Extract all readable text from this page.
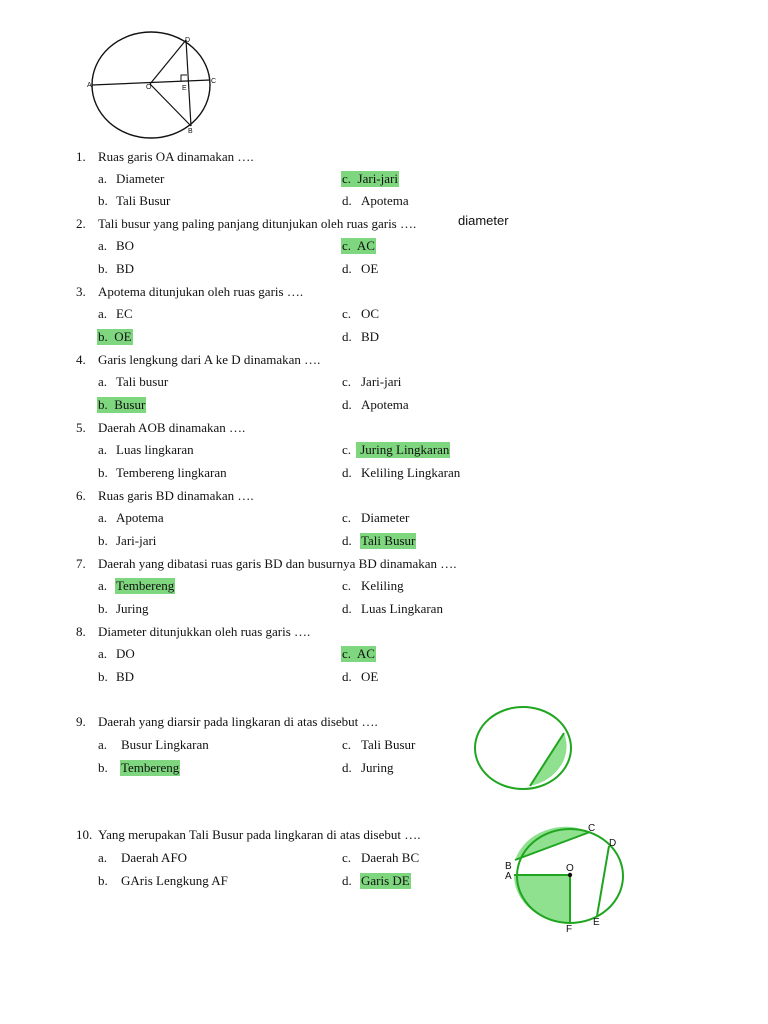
A	O	E
C
D
B
1. Ruas garis OA dinamakan ….
a. Diameter	c. Jari-jari
b. Tali Busur	d. Apotema
2. Tali busur yang paling panjang ditunjukan oleh ruas garis ….	diameter
a. BO	c. AC
b. BD	d. OE
3. Apotema ditunjukan oleh ruas garis ….
a. EC	c. OC
b. OE	d. BD
4. Garis lengkung dari A ke D dinamakan ….
a. Tali busur	c. Jari-jari
b. Busur	d. Apotema
5. Daerah AOB dinamakan ….
a. Luas lingkaran	c. Juring Lingkaran
b. Tembereng lingkaran	d. Keliling Lingkaran
6. Ruas garis BD dinamakan ….
a. Apotema	c. Diameter
b. Jari-jari	d. Tali Busur
7. Daerah yang dibatasi ruas garis BD dan busurnya BD dinamakan ….
a. Tembereng	c. Keliling
b. Juring	d. Luas Lingkaran
8. Diameter ditunjukkan oleh ruas garis ….
a. DO	c. AC
b. BD	d. OE
9. Daerah yang diarsir pada lingkaran di atas disebut ….
a. Busur Lingkaran	c. Tali Busur
b. Tembereng	d. Juring
10. Yang merupakan Tali Busur pada lingkaran di atas disebut ….
a. Daerah AFO	c. Daerah BC
b. GAris Lengkung AF	d. Garis DE
C
D
B
A
O
E
F
